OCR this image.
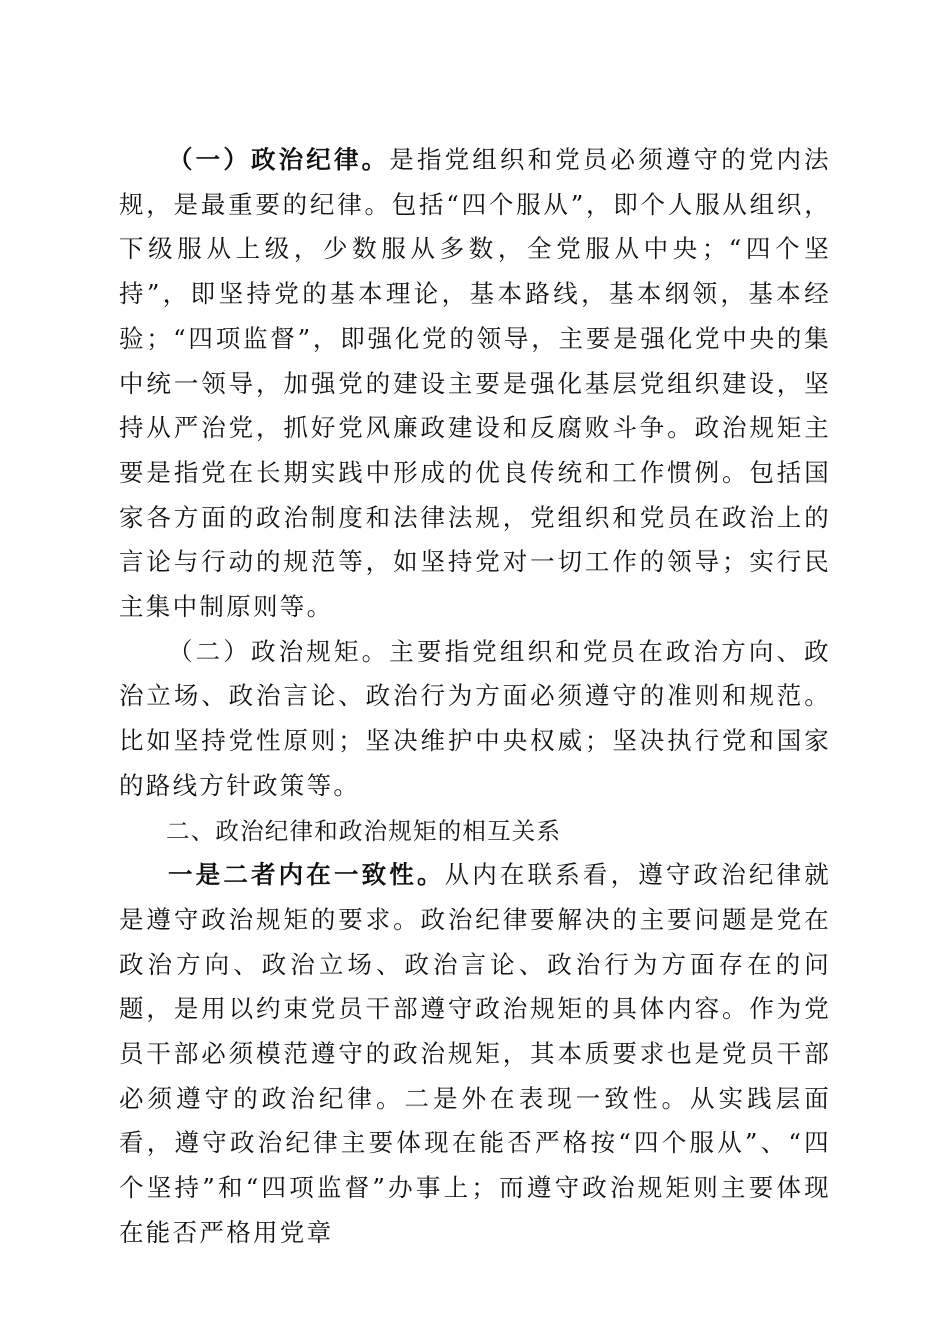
（一）政治纪律。是指党组织和党员必须遵守的党内法规，是最重要的纪律。包括“四个服从”，即个人服从组织，下级服从上级，少数服从多数，全党服从中央；“四个坚持”，即坚持党的基本理论，基本路线，基本纲领，基本经验；“四项监督”，即强化党的领导，主要是强化党中央的集中统一领导，加强党的建设主要是强化基层党组织建设，坚持从严治党，抓好党风廉政建设和反腐败斗争。政治规矩主要是指党在长期实践中形成的优良传统和工作惯例。包括国家各方面的政治制度和法律法规，党组织和党员在政治上的言论与行动的规范等，如坚持党对一切工作的领导；实行民主集中制原则等。

（二）政治规矩。主要指党组织和党员在政治方向、政治立场、政治言论、政治行为方面必须遵守的准则和规范。比如坚持党性原则；坚决维护中央权威；坚决执行党和国家的路线方针政策等。

二、政治纪律和政治规矩的相互关系

一是二者内在一致性。从内在联系看，遵守政治纪律就是遵守政治规矩的要求。政治纪律要解决的主要问题是党在政治方向、政治立场、政治言论、政治行为方面存在的问题，是用以约束党员干部遵守政治规矩的具体内容。作为党员干部必须模范遵守的政治规矩，其本质要求也是党员干部必须遵守的政治纪律。二是外在表现一致性。从实践层面看，遵守政治纪律主要体现在能否严格按“四个服从”、“四个坚持”和“四项监督”办事上；而遵守政治规矩则主要体现在能否严格用党章
